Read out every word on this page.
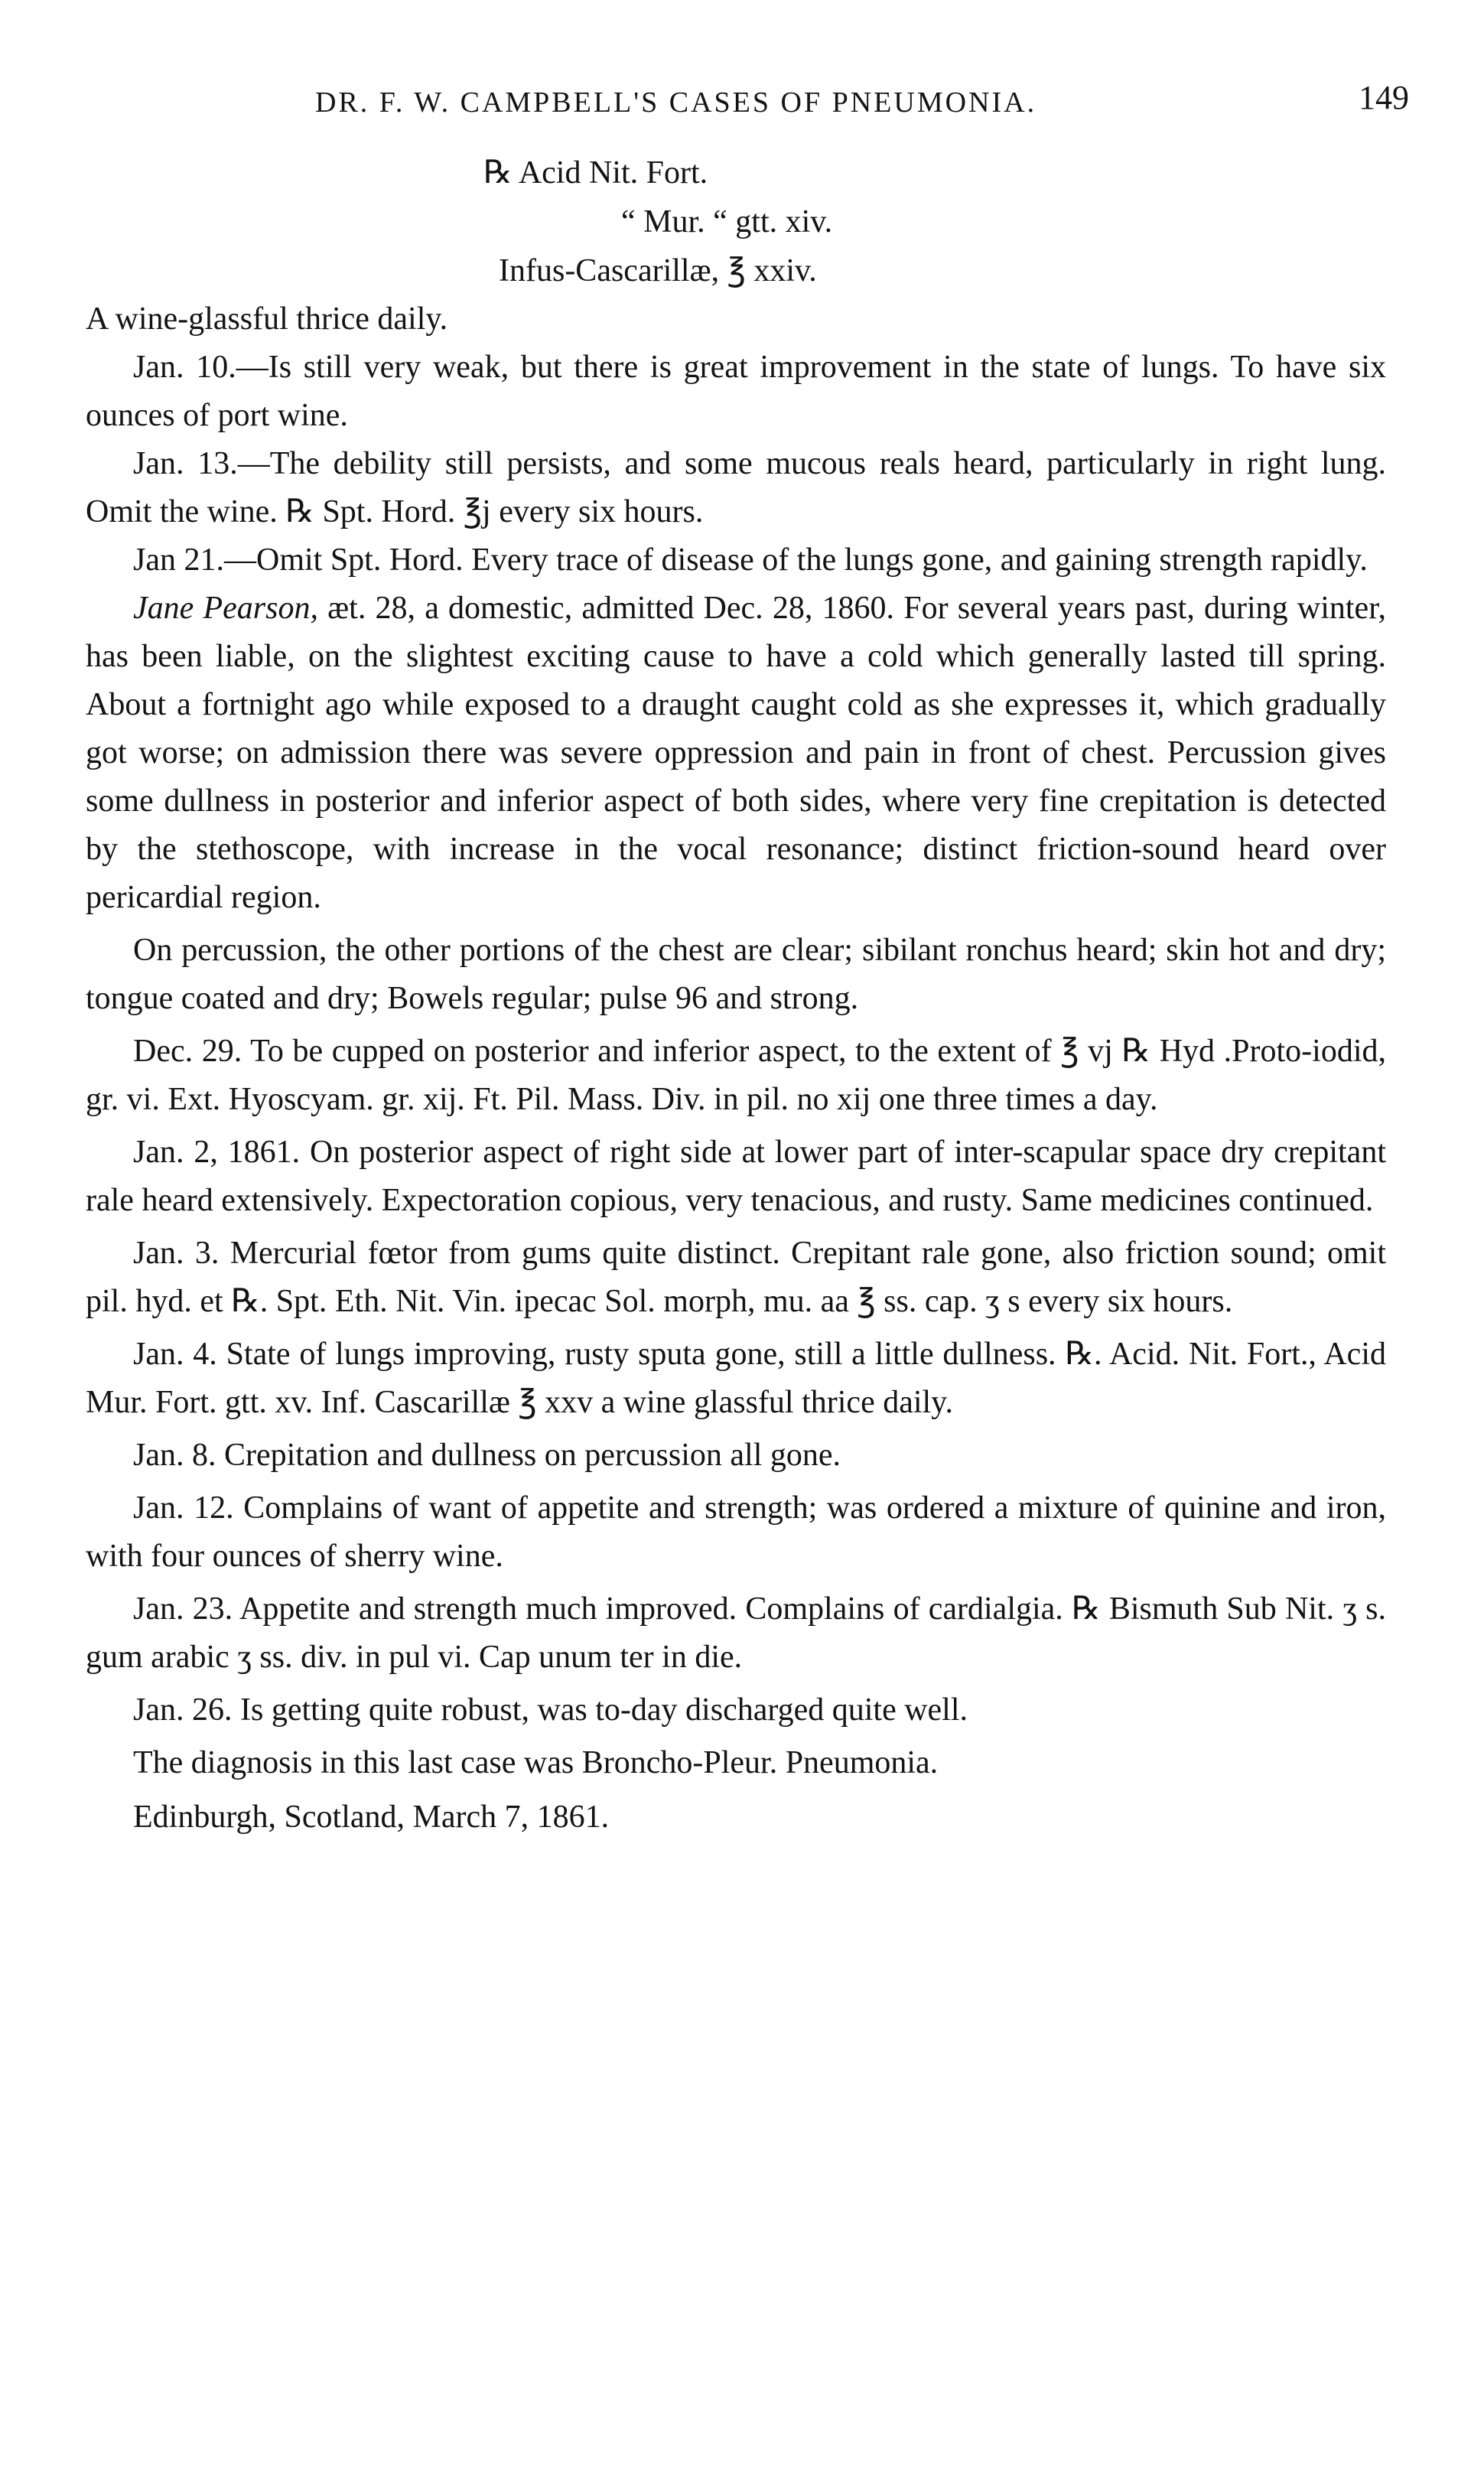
DR. F. W. CAMPBELL'S CASES OF PNEUMONIA.	149
℞ Acid Nit. Fort.
“ Mur. “ gtt. xiv.
Infus-Cascarillæ, ℥ xxiv.

A wine-glassful thrice daily.

Jan. 10.—Is still very weak, but there is great improvement in the state of lungs. To have six ounces of port wine.

Jan. 13.—The debility still persists, and some mucous reals heard, particularly in right lung. Omit the wine. ℞ Spt. Hord. ℥j every six hours.

Jan 21.—Omit Spt. Hord. Every trace of disease of the lungs gone, and gaining strength rapidly.

Jane Pearson, æt. 28, a domestic, admitted Dec. 28, 1860. For several years past, during winter, has been liable, on the slightest exciting cause to have a cold which generally lasted till spring. About a fortnight ago while exposed to a draught caught cold as she expresses it, which gradually got worse; on admission there was severe oppression and pain in front of chest. Percussion gives some dullness in posterior and inferior aspect of both sides, where very fine crepitation is detected by the stethoscope, with increase in the vocal resonance; distinct friction-sound heard over pericardial region.

On percussion, the other portions of the chest are clear; sibilant ronchus heard; skin hot and dry; tongue coated and dry; Bowels regular; pulse 96 and strong.

Dec. 29. To be cupped on posterior and inferior aspect, to the extent of ℥ vj ℞ Hyd .Proto-iodid, gr. vi. Ext. Hyoscyam. gr. xij. Ft. Pil. Mass. Div. in pil. no xij one three times a day.

Jan. 2, 1861. On posterior aspect of right side at lower part of inter-scapular space dry crepitant rale heard extensively. Expectoration copious, very tenacious, and rusty. Same medicines continued.

Jan. 3. Mercurial fœtor from gums quite distinct. Crepitant rale gone, also friction sound; omit pil. hyd. et ℞. Spt. Eth. Nit. Vin. ipecac Sol. morph, mu. aa ℥ ss. cap. ʒ s every six hours.

Jan. 4. State of lungs improving, rusty sputa gone, still a little dullness. ℞. Acid. Nit. Fort., Acid Mur. Fort. gtt. xv. Inf. Cascarillæ ℥ xxv a wine glassful thrice daily.

Jan. 8. Crepitation and dullness on percussion all gone.

Jan. 12. Complains of want of appetite and strength; was ordered a mixture of quinine and iron, with four ounces of sherry wine.

Jan. 23. Appetite and strength much improved. Complains of cardialgia. ℞ Bismuth Sub Nit. ʒ s. gum arabic ʒ ss. div. in pul vi. Cap unum ter in die.

Jan. 26. Is getting quite robust, was to-day discharged quite well.

The diagnosis in this last case was Broncho-Pleur. Pneumonia.

Edinburgh, Scotland, March 7, 1861.
